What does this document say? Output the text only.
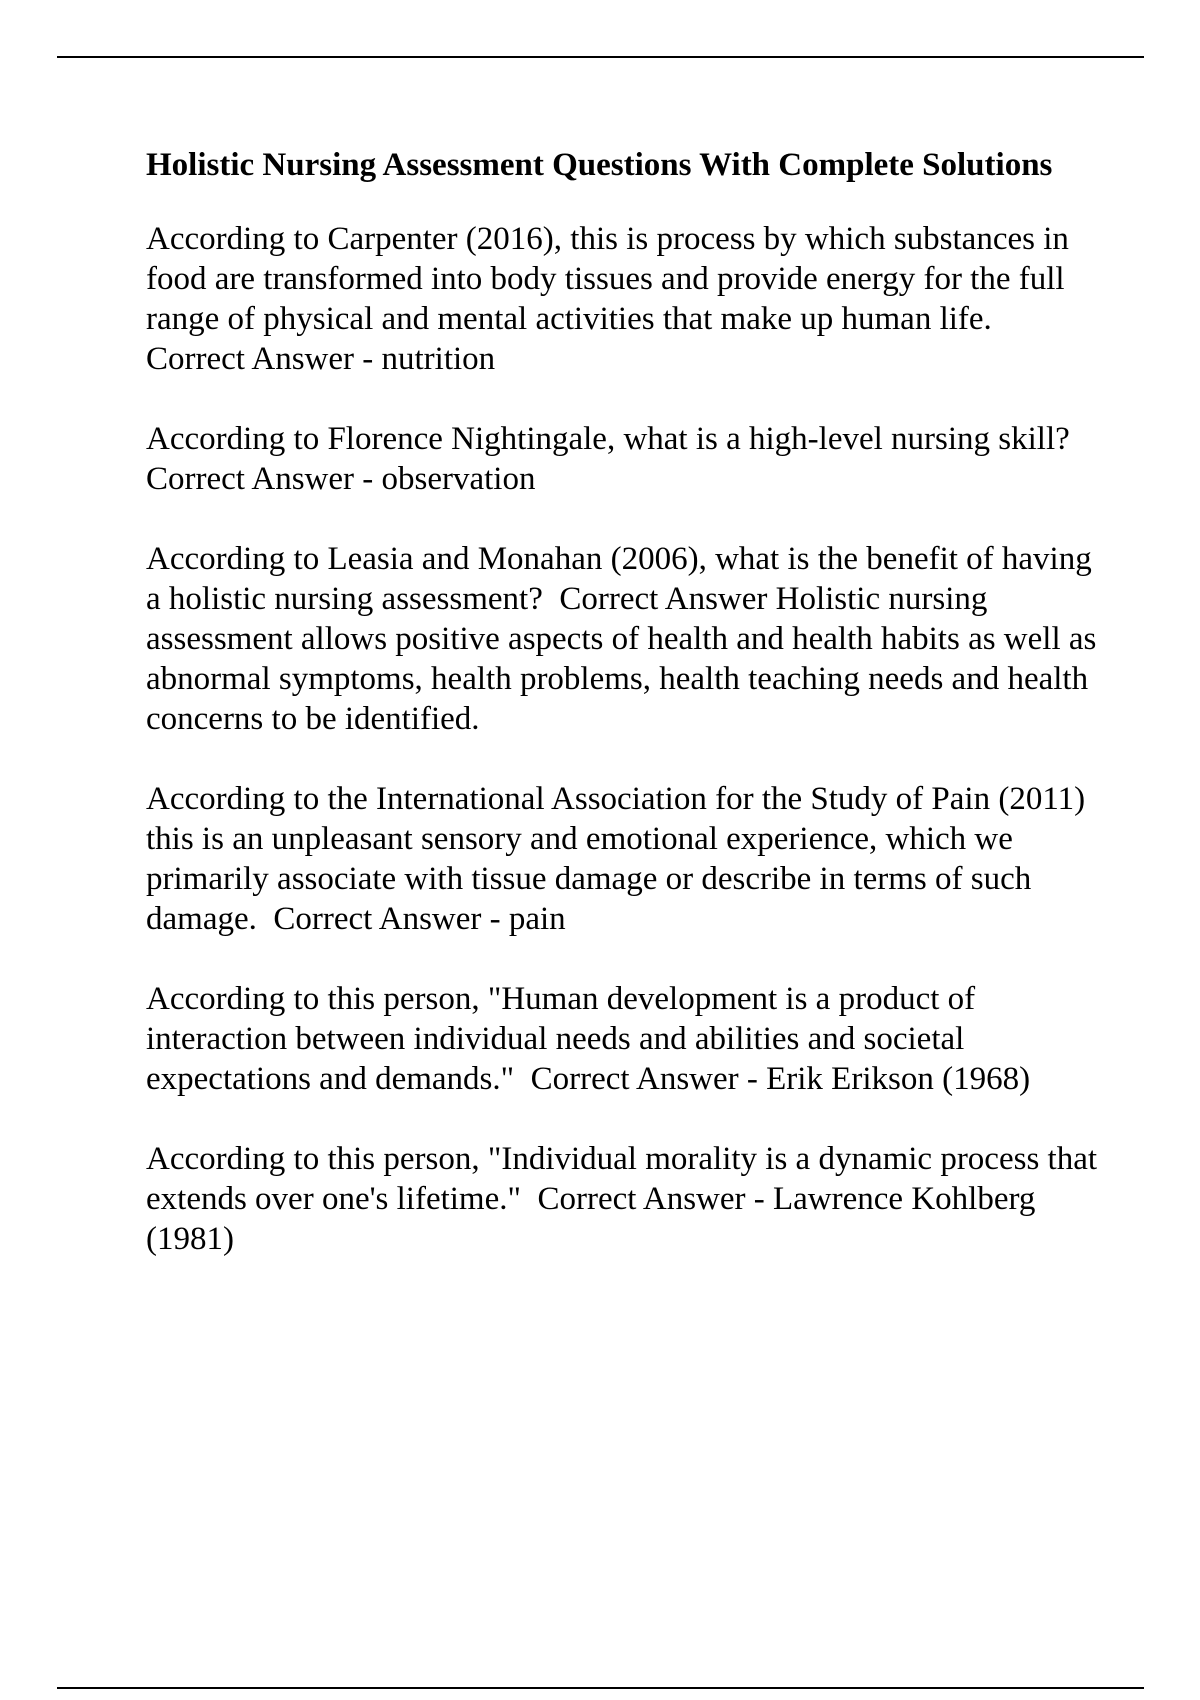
Holistic Nursing Assessment Questions With Complete Solutions

According to Carpenter (2016), this is process by which substances in food are transformed into body tissues and provide energy for the full range of physical and mental activities that make up human life.  Correct Answer - nutrition

According to Florence Nightingale, what is a high-level nursing skill?  Correct Answer - observation

According to Leasia and Monahan (2006), what is the benefit of having a holistic nursing assessment? Correct Answer Holistic nursing assessment allows positive aspects of health and health habits as well as abnormal symptoms, health problems, health teaching needs and health concerns to be identified.

According to the International Association for the Study of Pain (2011) this is an unpleasant sensory and emotional experience, which we primarily associate with tissue damage or describe in terms of such damage. Correct Answer - pain

According to this person, "Human development is a product of interaction between individual needs and abilities and societal expectations and demands." Correct Answer - Erik Erikson (1968)

According to this person, "Individual morality is a dynamic process that extends over one's lifetime." Correct Answer - Lawrence Kohlberg (1981)
